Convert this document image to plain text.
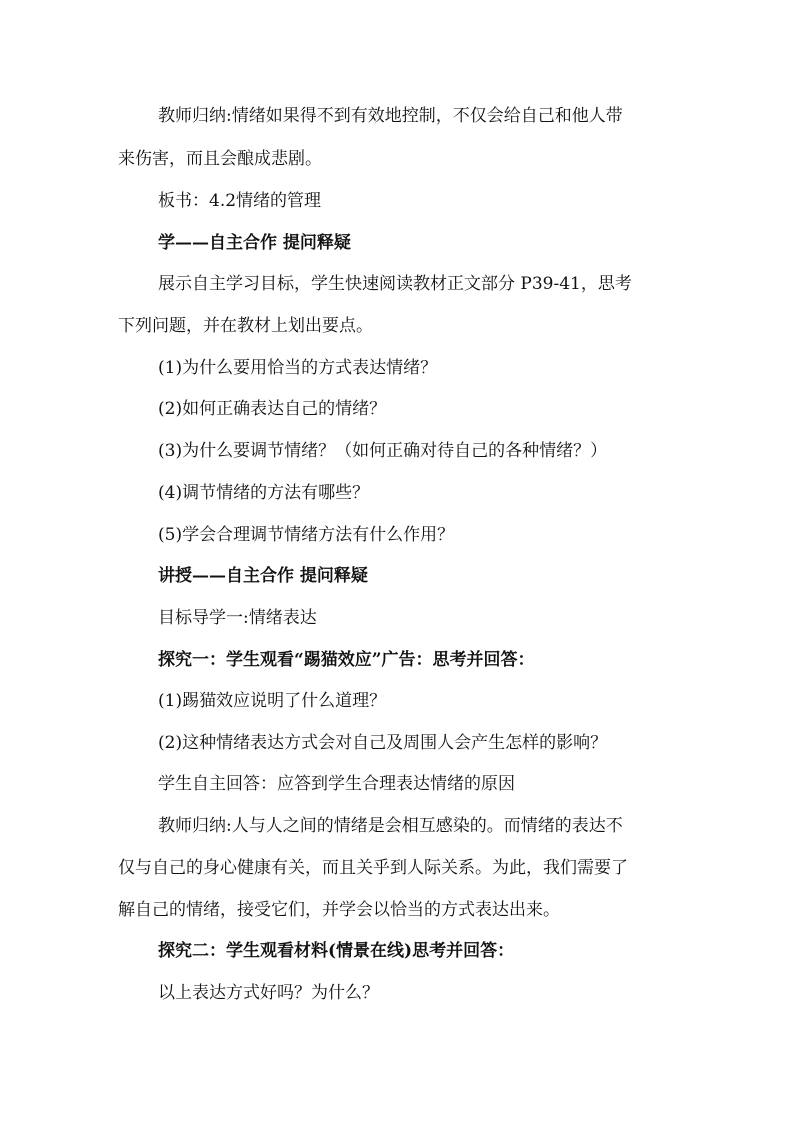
教师归纳:情绪如果得不到有效地控制，不仅会给自己和他人带
来伤害，而且会酿成悲剧。
板书：4.2情绪的管理
学——自主合作 提问释疑
展示自主学习目标，学生快速阅读教材正文部分 P39-41，思考
下列问题，并在教材上划出要点。
(1)为什么要用恰当的方式表达情绪？
(2)如何正确表达自己的情绪？
(3)为什么要调节情绪？（如何正确对待自己的各种情绪？）
(4)调节情绪的方法有哪些？
(5)学会合理调节情绪方法有什么作用？
讲授——自主合作 提问释疑
目标导学一:情绪表达
探究一：学生观看“踢猫效应”广告：思考并回答：
(1)踢猫效应说明了什么道理？
(2)这种情绪表达方式会对自己及周围人会产生怎样的影响？
学生自主回答：应答到学生合理表达情绪的原因
教师归纳:人与人之间的情绪是会相互感染的。而情绪的表达不
仅与自己的身心健康有关，而且关乎到人际关系。为此，我们需要了
解自己的情绪，接受它们，并学会以恰当的方式表达出来。
探究二：学生观看材料(情景在线)思考并回答：
以上表达方式好吗？为什么？
